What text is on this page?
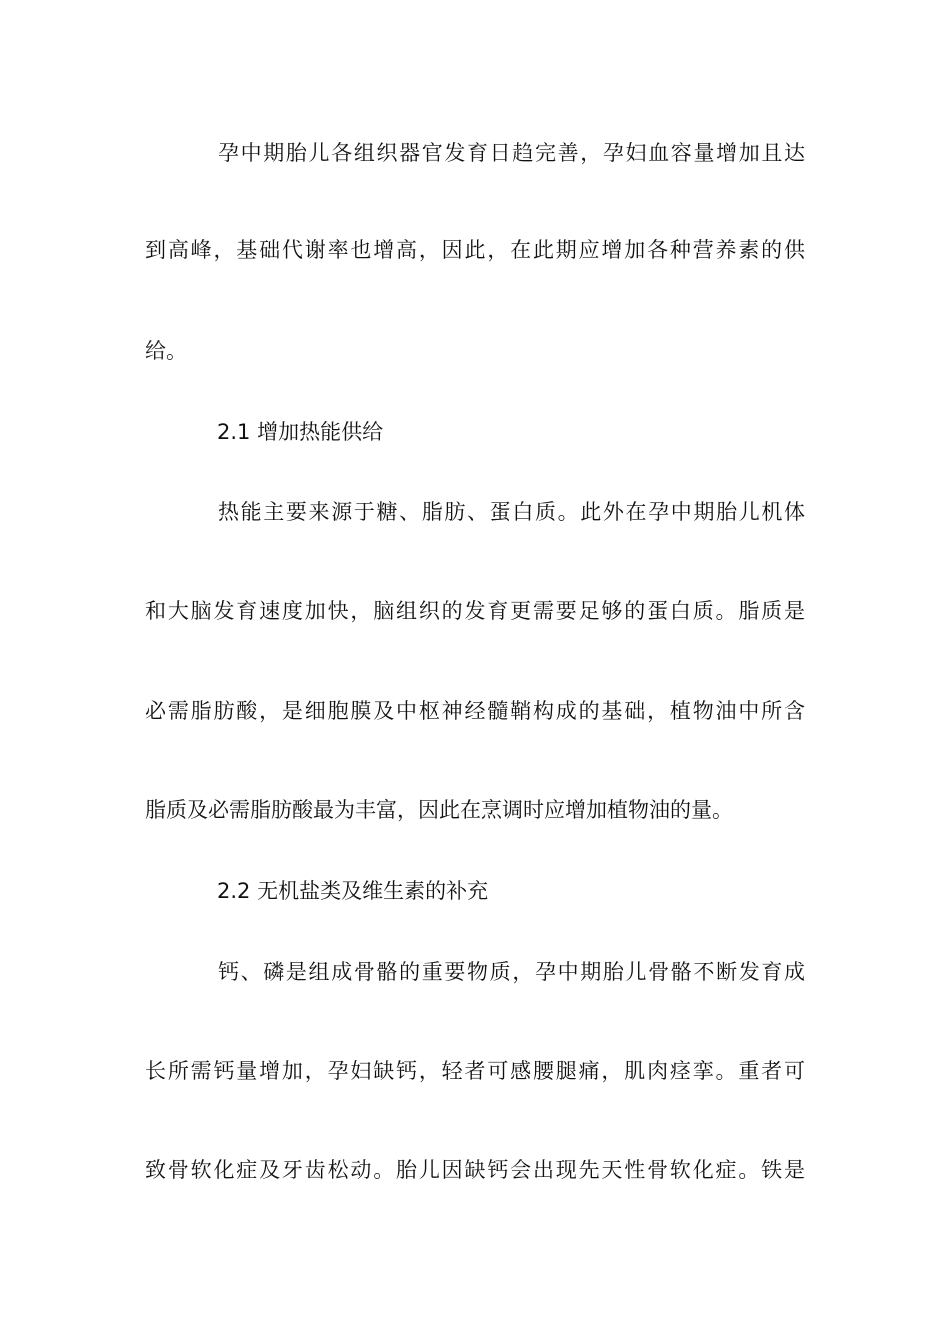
孕中期胎儿各组织器官发育日趋完善，孕妇血容量增加且达
到高峰，基础代谢率也增高，因此，在此期应增加各种营养素的供
给。
2.1 增加热能供给
热能主要来源于糖、脂肪、蛋白质。此外在孕中期胎儿机体
和大脑发育速度加快，脑组织的发育更需要足够的蛋白质。脂质是
必需脂肪酸，是细胞膜及中枢神经髓鞘构成的基础，植物油中所含
脂质及必需脂肪酸最为丰富，因此在烹调时应增加植物油的量。
2.2 无机盐类及维生素的补充
钙、磷是组成骨骼的重要物质，孕中期胎儿骨骼不断发育成
长所需钙量增加，孕妇缺钙，轻者可感腰腿痛，肌肉痉挛。重者可
致骨软化症及牙齿松动。胎儿因缺钙会出现先天性骨软化症。铁是
